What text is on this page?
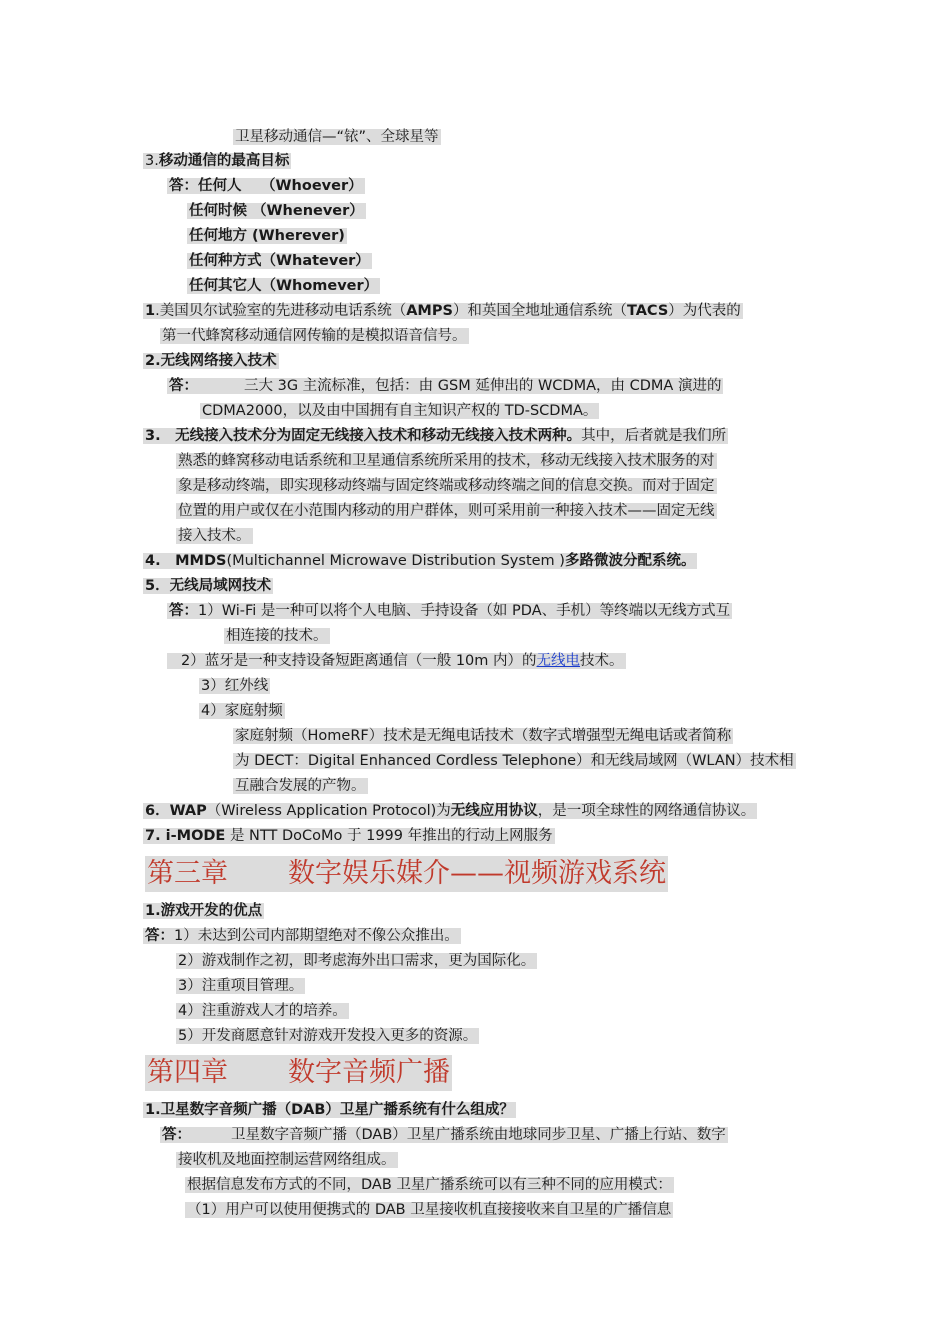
卫星移动通信—“铱”、全球星等
3.移动通信的最高目标
答：任何人　 （Whoever）
任何时候 （Whenever）
任何地方 (Wherever)
任何种方式（Whatever）
任何其它人（Whomever）
1.美国贝尔试验室的先进移动电话系统（AMPS）和英国全地址通信系统（TACS）为代表的
第一代蜂窝移动通信网传输的是模拟语音信号。
2.无线网络接入技术
答：	三大 3G 主流标准，包括：由 GSM 延伸出的 WCDMA，由 CDMA 演进的
CDMA2000，以及由中国拥有自主知识产权的 TD-SCDMA。
3.　无线接入技术分为固定无线接入技术和移动无线接入技术两种。其中，后者就是我们所
熟悉的蜂窝移动电话系统和卫星通信系统所采用的技术，移动无线接入技术服务的对
象是移动终端，即实现移动终端与固定终端或移动终端之间的信息交换。而对于固定
位置的用户或仅在小范围内移动的用户群体，则可采用前一种接入技术——固定无线
接入技术。
4.　MMDS(Multichannel Microwave Distribution System )多路微波分配系统。
5．无线局域网技术
答：1）Wi-Fi 是一种可以将个人电脑、手持设备（如 PDA、手机）等终端以无线方式互
相连接的技术。
2）蓝牙是一种支持设备短距离通信（一般 10m 内）的无线电技术。
3）红外线
4）家庭射频
家庭射频（HomeRF）技术是无绳电话技术（数字式增强型无绳电话或者简称
为 DECT：Digital Enhanced Cordless Telephone）和无线局域网（WLAN）技术相
互融合发展的产物。
6．WAP（Wireless Application Protocol)为无线应用协议，是一项全球性的网络通信协议。
7. i-MODE 是 NTT DoCoMo 于 1999 年推出的行动上网服务
第三章 数字娱乐媒介——视频游戏系统
1.游戏开发的优点
答：1）未达到公司内部期望绝对不像公众推出。
2）游戏制作之初，即考虑海外出口需求，更为国际化。
3）注重项目管理。
4）注重游戏人才的培养。
5）开发商愿意针对游戏开发投入更多的资源。
第四章 数字音频广播
1.卫星数字音频广播（DAB）卫星广播系统有什么组成？
答：	卫星数字音频广播（DAB）卫星广播系统由地球同步卫星、广播上行站、数字
接收机及地面控制运营网络组成。
根据信息发布方式的不同，DAB 卫星广播系统可以有三种不同的应用模式：
（1）用户可以使用便携式的 DAB 卫星接收机直接接收来自卫星的广播信息
